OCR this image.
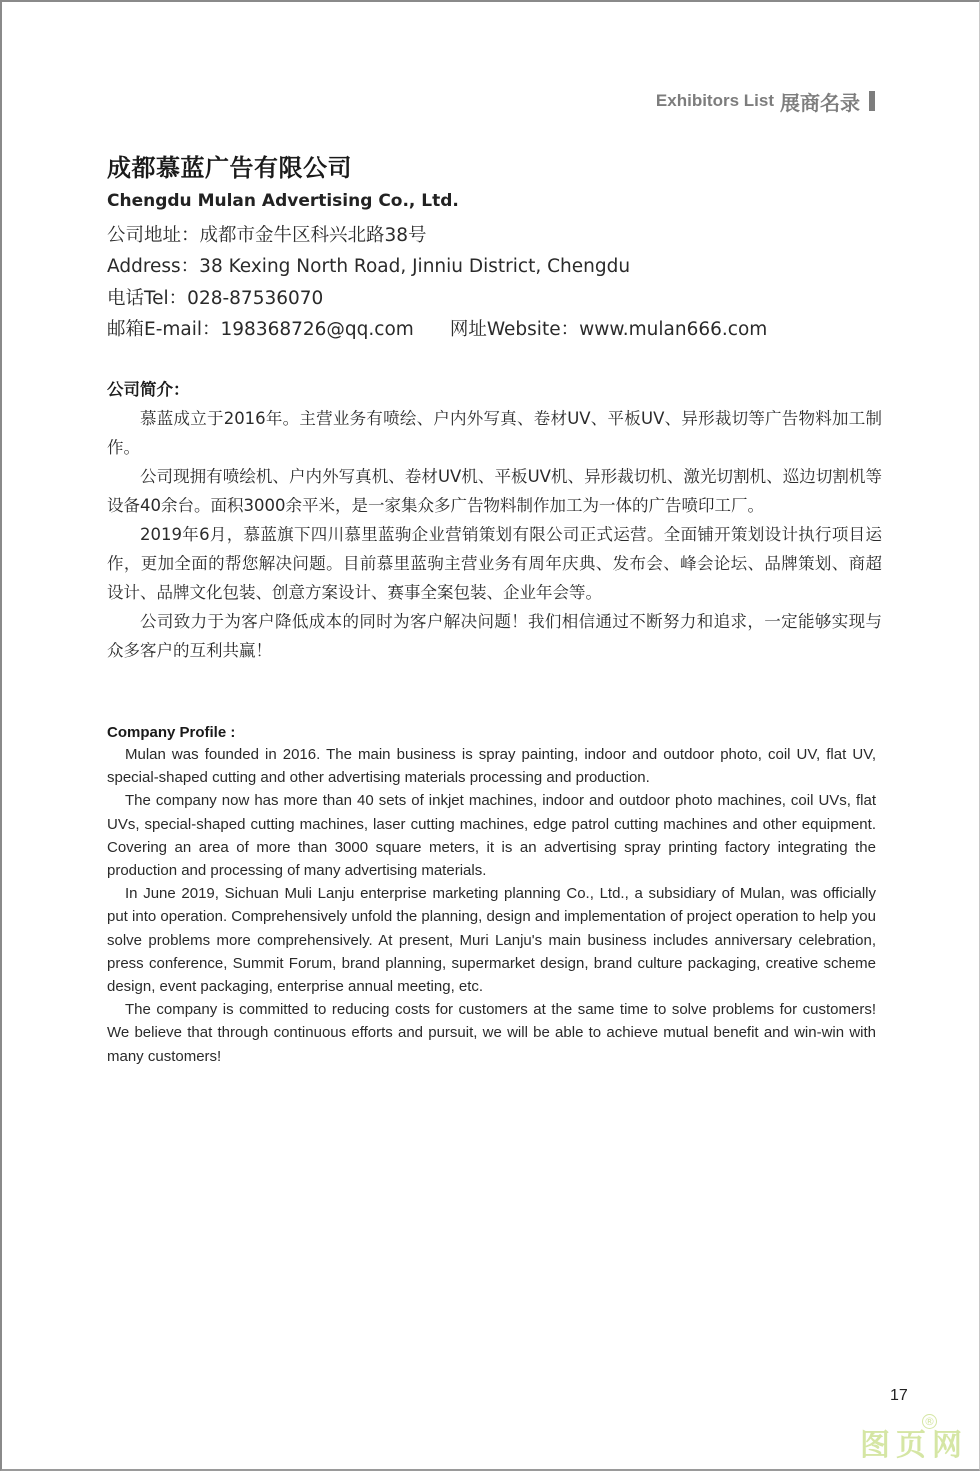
Exhibitors List 展商名录
成都慕蓝广告有限公司
Chengdu Mulan Advertising Co., Ltd.
公司地址：成都市金牛区科兴北路38号
Address：38 Kexing North Road, Jinniu District, Chengdu
电话Tel：028-87536070
邮箱E-mail：198368726@qq.com 网址Website：www.mulan666.com
公司简介：

慕蓝成立于2016年。主营业务有喷绘、户内外写真、卷材UV、平板UV、异形裁切等广告物料加工制作。

公司现拥有喷绘机、户内外写真机、卷材UV机、平板UV机、异形裁切机、激光切割机、巡边切割机等设备40余台。面积3000余平米，是一家集众多广告物料制作加工为一体的广告喷印工厂。

2019年6月，慕蓝旗下四川慕里蓝驹企业营销策划有限公司正式运营。全面铺开策划设计执行项目运作，更加全面的帮您解决问题。目前慕里蓝驹主营业务有周年庆典、发布会、峰会论坛、品牌策划、商超设计、品牌文化包装、创意方案设计、赛事全案包装、企业年会等。

公司致力于为客户降低成本的同时为客户解决问题！我们相信通过不断努力和追求，一定能够实现与众多客户的互利共赢！

Company Profile :

Mulan was founded in 2016. The main business is spray painting, indoor and outdoor photo, coil UV, flat UV, special-shaped cutting and other advertising materials processing and production.

The company now has more than 40 sets of inkjet machines, indoor and outdoor photo machines, coil UVs, flat UVs, special-shaped cutting machines, laser cutting machines, edge patrol cutting machines and other equipment. Covering an area of more than 3000 square meters, it is an advertising spray printing factory integrating the production and processing of many advertising materials.

In June 2019, Sichuan Muli Lanju enterprise marketing planning Co., Ltd., a subsidiary of Mulan, was officially put into operation. Comprehensively unfold the planning, design and implementation of project operation to help you solve problems more comprehensively. At present, Muri Lanju's main business includes anniversary celebration, press conference, Summit Forum, brand planning, supermarket design, brand culture packaging, creative scheme design, event packaging, enterprise annual meeting, etc.

The company is committed to reducing costs for customers at the same time to solve problems for customers! We believe that through continuous efforts and pursuit, we will be able to achieve mutual benefit and win-win with many customers!

17
图页网
®
